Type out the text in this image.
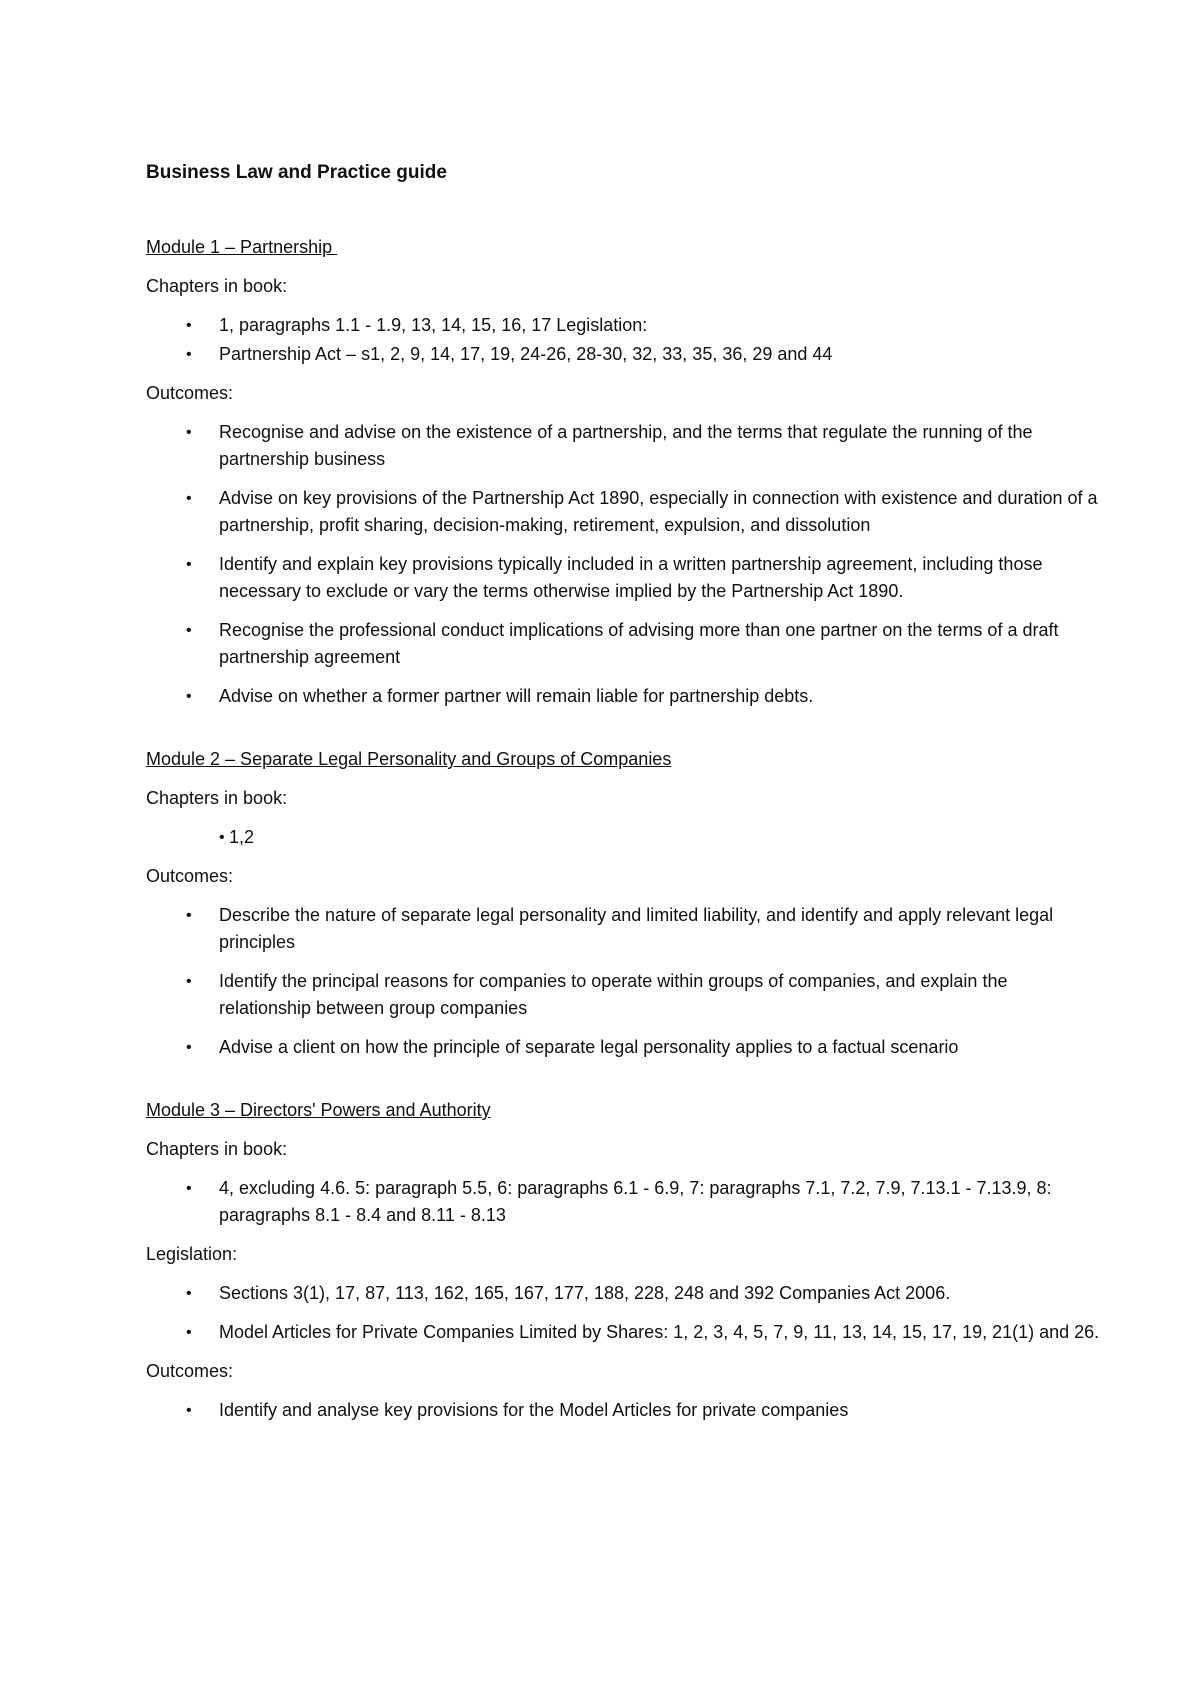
Business Law and Practice guide
Module 1 – Partnership
Chapters in book:
• 1, paragraphs 1.1 - 1.9, 13, 14, 15, 16, 17 Legislation:
• Partnership Act – s1, 2, 9, 14, 17, 19, 24-26, 28-30, 32, 33, 35, 36, 29 and 44
Outcomes:
• Recognise and advise on the existence of a partnership, and the terms that regulate the running of the partnership business
• Advise on key provisions of the Partnership Act 1890, especially in connection with existence and duration of a partnership, profit sharing, decision-making, retirement, expulsion, and dissolution
• Identify and explain key provisions typically included in a written partnership agreement, including those necessary to exclude or vary the terms otherwise implied by the Partnership Act 1890.
• Recognise the professional conduct implications of advising more than one partner on the terms of a draft partnership agreement
• Advise on whether a former partner will remain liable for partnership debts.
Module 2 – Separate Legal Personality and Groups of Companies
Chapters in book:
• 1,2
Outcomes:
• Describe the nature of separate legal personality and limited liability, and identify and apply relevant legal principles
• Identify the principal reasons for companies to operate within groups of companies, and explain the relationship between group companies
• Advise a client on how the principle of separate legal personality applies to a factual scenario
Module 3 – Directors' Powers and Authority
Chapters in book:
• 4, excluding 4.6. 5: paragraph 5.5, 6: paragraphs 6.1 - 6.9, 7: paragraphs 7.1, 7.2, 7.9, 7.13.1 - 7.13.9, 8: paragraphs 8.1 - 8.4 and 8.11 - 8.13
Legislation:
• Sections 3(1), 17, 87, 113, 162, 165, 167, 177, 188, 228, 248 and 392 Companies Act 2006.
• Model Articles for Private Companies Limited by Shares: 1, 2, 3, 4, 5, 7, 9, 11, 13, 14, 15, 17, 19, 21(1) and 26.
Outcomes:
• Identify and analyse key provisions for the Model Articles for private companies
